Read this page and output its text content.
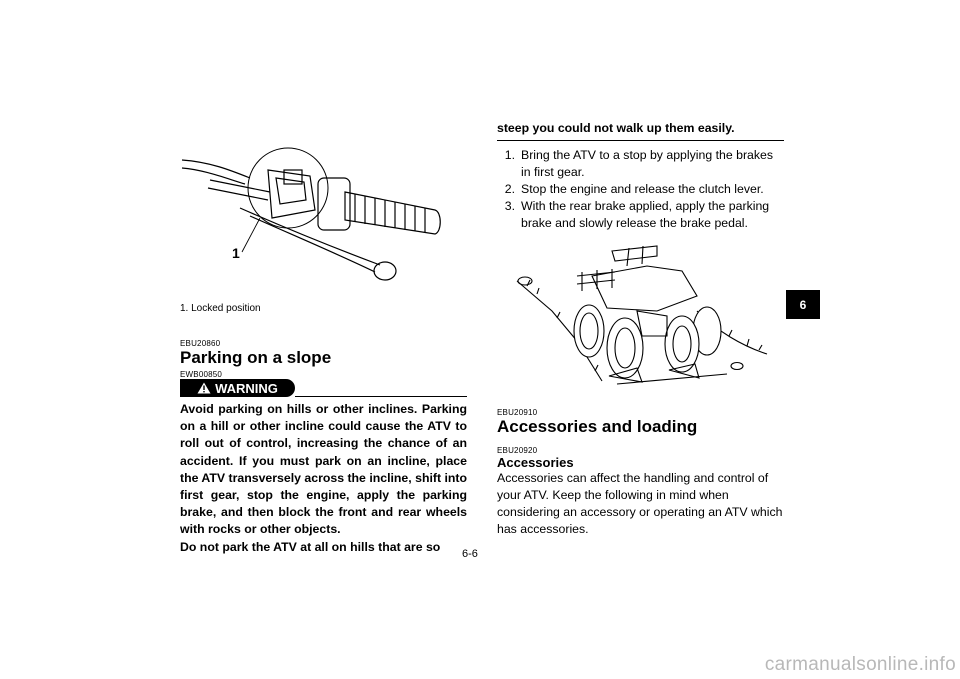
1
1. Locked position
EBU20860
Parking on a slope
EWB00850
WARNING

Avoid parking on hills or other inclines. Parking on a hill or other incline could cause the ATV to roll out of control, increasing the chance of an accident. If you must park on an incline, place the ATV transversely across the incline, shift into first gear, stop the engine, apply the parking brake, and then block the front and rear wheels with rocks or other objects.

Do not park the ATV at all on hills that are so

steep you could not walk up them easily.

1. Bring the ATV to a stop by applying the brakes in first gear.
2. Stop the engine and release the clutch lever.
3. With the rear brake applied, apply the parking brake and slowly release the brake pedal.
EBU20910
Accessories and loading
EBU20920
Accessories

Accessories can affect the handling and control of your ATV. Keep the following in mind when considering an accessory or operating an ATV which has accessories.

6
6-6
carmanualsonline.info
